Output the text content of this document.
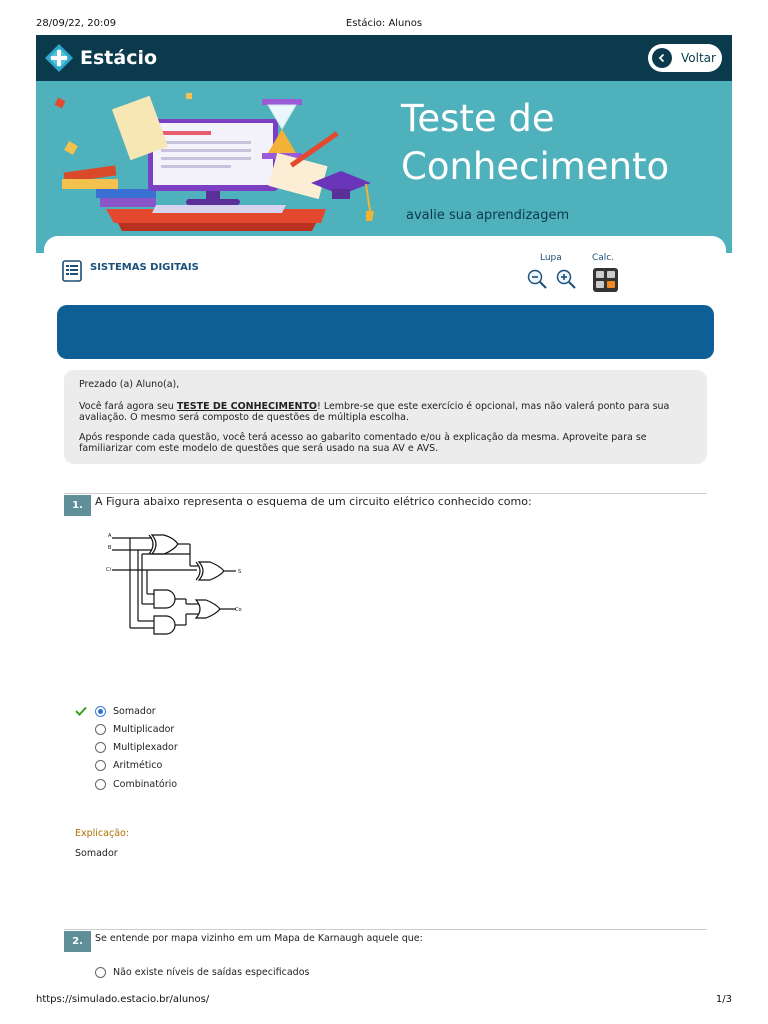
28/09/22, 20:09	Estácio: Alunos
Estácio	Voltar
Teste de
Conhecimento
avalie sua aprendizagem
SISTEMAS DIGITAIS
Lupa	Calc.

Prezado (a) Aluno(a),

Você fará agora seu TESTE DE CONHECIMENTO! Lembre-se que este exercício é opcional, mas não valerá ponto para sua avaliação. O mesmo será composto de questões de múltipla escolha.

Após responde cada questão, você terá acesso ao gabarito comentado e/ou à explicação da mesma. Aproveite para se familiarizar com este modelo de questões que será usado na sua AV e AVS.

1.	A Figura abaixo representa o esquema de um circuito elétrico conhecido como:
A
B
Ci	S
Co
Somador
Multiplicador
Multiplexador
Aritmético
Combinatório
Explicação:
Somador
2.	Se entende por mapa vizinho em um Mapa de Karnaugh aquele que:
Não existe níveis de saídas especificados
https://simulado.estacio.br/alunos/	1/3
